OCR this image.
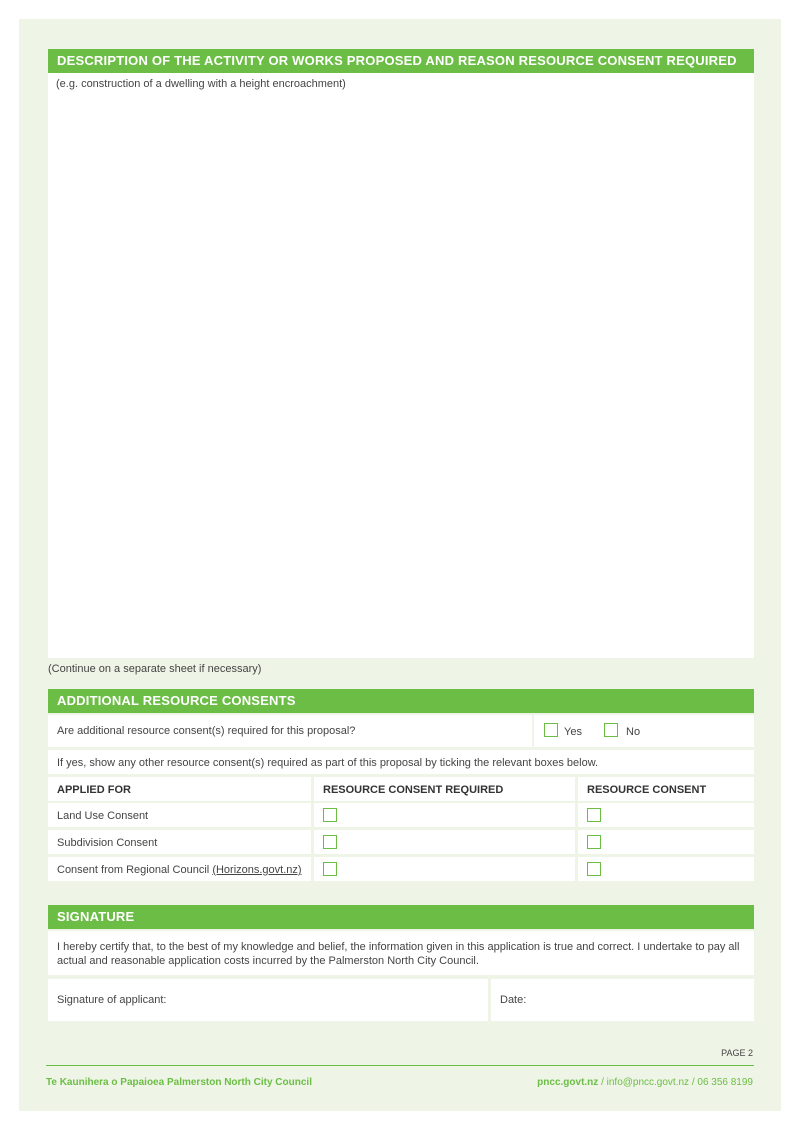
DESCRIPTION OF THE ACTIVITY OR WORKS PROPOSED AND REASON RESOURCE CONSENT REQUIRED
(e.g. construction of a dwelling with a height encroachment)
(Continue on a separate sheet if necessary)
ADDITIONAL RESOURCE CONSENTS
Are additional resource consent(s) required for this proposal?	Yes	No
If yes, show any other resource consent(s) required as part of this proposal by ticking the relevant boxes below.
APPLIED FOR	RESOURCE CONSENT REQUIRED	RESOURCE CONSENT
Land Use Consent
Subdivision Consent
Consent from Regional Council (Horizons.govt.nz)
SIGNATURE
I hereby certify that, to the best of my knowledge and belief, the information given in this application is true and correct. I undertake to pay all actual and reasonable application costs incurred by the Palmerston North City Council.
Signature of applicant:	Date:
PAGE 2
Te Kaunihera o Papaioea Palmerston North City Council	pncc.govt.nz / info@pncc.govt.nz / 06 356 8199
